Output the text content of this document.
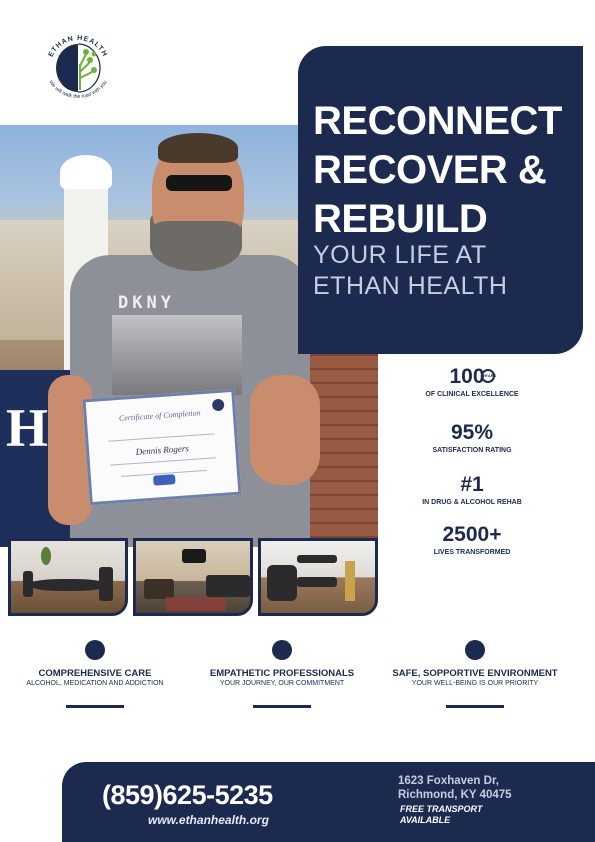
ETHAN HEALTH
We will walk the road with you
H
DKNY
Certificate of Completion
Dennis Rogers
RECONNECT
RECOVER &
REBUILD
YOUR LIFE AT
ETHAN HEALTH
100YEARS
OF CLINICAL EXCELLENCE
95%
SATISFACTION RATING
#1
IN DRUG & ALCOHOL REHAB
2500+
LIVES TRANSFORMED
COMPREHENSIVE CARE
ALCOHOL, MEDICATION AND ADDICTION
EMPATHETIC PROFESSIONALS
YOUR JOURNEY, OUR COMMITMENT
SAFE, SOPPORTIVE ENVIRONMENT
YOUR WELL-BEING IS OUR PRIORITY
(859)625-5235
www.ethanhealth.org
1623 Foxhaven Dr,
Richmond, KY 40475
FREE TRANSPORT
AVAILABLE
